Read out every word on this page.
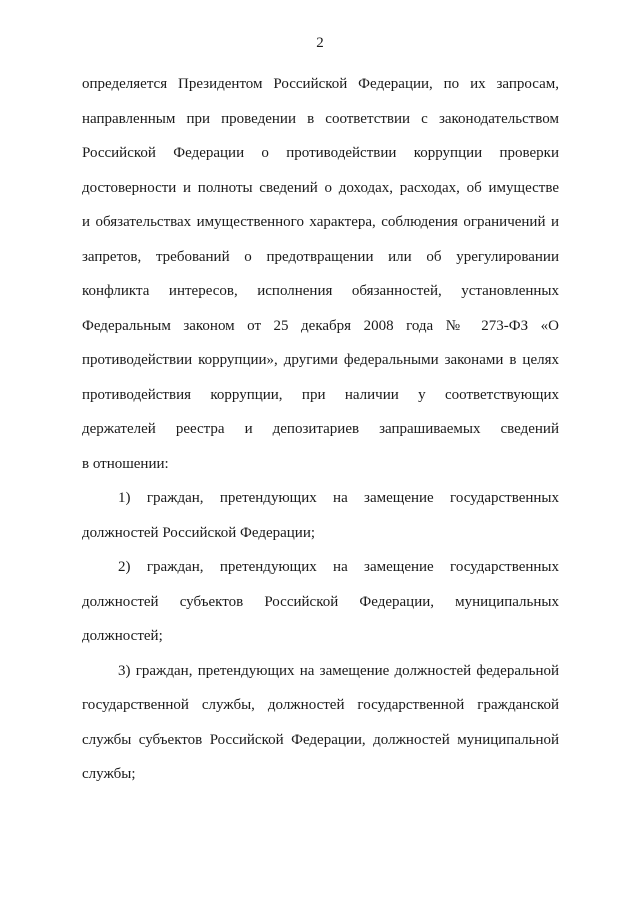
2
определяется Президентом Российской Федерации, по их запросам,
направленным при проведении в соответствии с законодательством
Российской Федерации о противодействии коррупции проверки
достоверности и полноты сведений о доходах, расходах, об имуществе
и обязательствах имущественного характера, соблюдения ограничений и
запретов, требований о предотвращении или об урегулировании
конфликта интересов, исполнения обязанностей, установленных
Федеральным законом от 25 декабря 2008 года № 273-ФЗ «О
противодействии коррупции», другими федеральными законами в целях
противодействия коррупции, при наличии у соответствующих
держателей реестра и депозитариев запрашиваемых сведений
в отношении:
1) граждан, претендующих на замещение государственных
должностей Российской Федерации;
2) граждан, претендующих на замещение государственных
должностей субъектов Российской Федерации, муниципальных
должностей;
3) граждан, претендующих на замещение должностей федеральной
государственной службы, должностей государственной гражданской
службы субъектов Российской Федерации, должностей муниципальной
службы;
